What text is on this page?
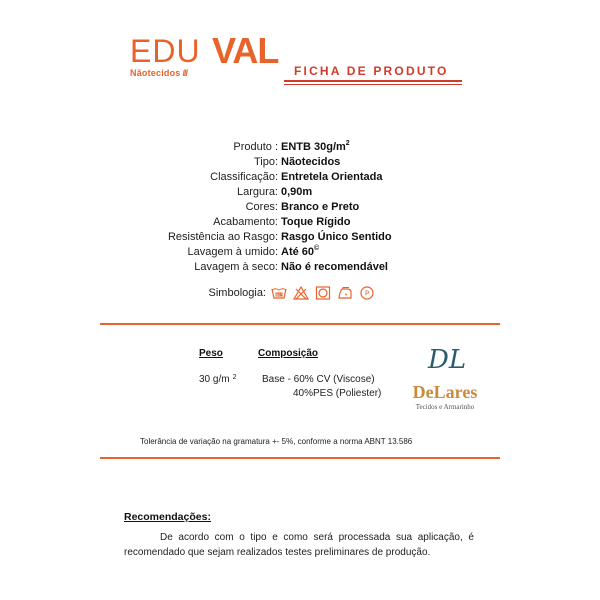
EDU VAL
Nãotecidos ///	FICHA DE PRODUTO
Produto : ENTB $30g/m^2$
Tipo: Nãotecidos
Classificação: Entretela Orientada
Largura: 0,90m
Cores: Branco e Preto
Acabamento: Toque Rígido
Resistência ao Rasgo: Rasgo Único Sentido
Lavagem à umido: Até 60©
Lavagem à seco: Não é recomendável
Simbologia:	60°	P
Peso	Composição
30 g/m $^2$	Base - 60% CV (Viscose)
40%PES (Poliester)
DL
DeLares
Tecidos e Armarinho
Tolerância de variação na gramatura +- 5%, conforme a norma ABNT 13.586
Recomendações:
De acordo com o tipo e como será processada sua aplicação, é recomendado que sejam realizados testes preliminares de produção.
